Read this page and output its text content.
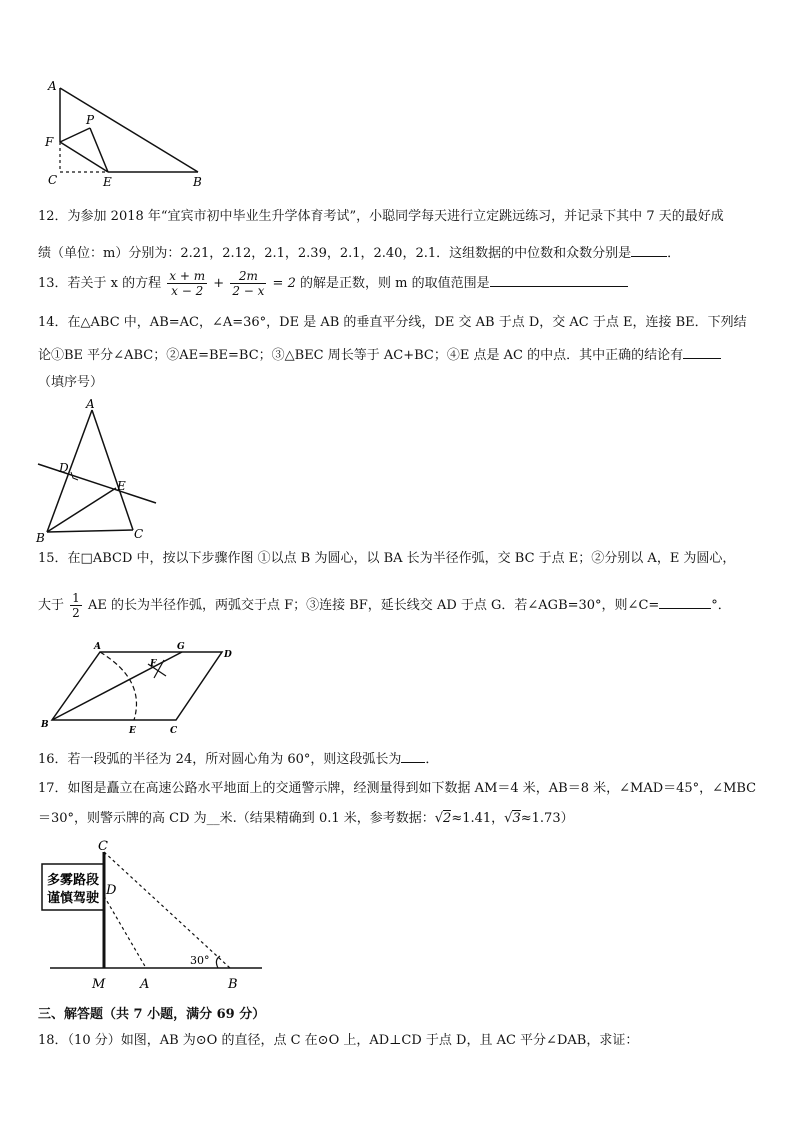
A
P
F
C	E	B
12．为参加 2018 年“宜宾市初中毕业生升学体育考试”，小聪同学每天进行立定跳远练习，并记录下其中 7 天的最好成
绩（单位：m）分别为：2.21，2.12，2.1，2.39，2.1，2.40，2.1．这组数据的中位数和众数分别是	．
13．若关于 x 的方程 $\frac{x + m}{x - 2} + \frac{2m}{2 - x} = 2$ 的解是正数，则 m 的取值范围是
14．在△ABC 中，AB=AC，∠A=36°，DE 是 AB 的垂直平分线，DE 交 AB 于点 D，交 AC 于点 E，连接 BE．下列结
论①BE 平分∠ABC；②AE=BE=BC；③△BEC 周长等于 AC+BC；④E 点是 AC 的中点．其中正确的结论有
（填序号）
A
D
E
B	C
15．在□ABCD 中，按以下步骤作图 ①以点 B 为圆心，以 BA 长为半径作弧，交 BC 于点 E；②分别以 A，E 为圆心，
大于 $\frac{1}{2}$ AE 的长为半径作弧，两弧交于点 F；③连接 BF，延长线交 AD 于点 G．若∠AGB=30°，则∠C=	°．
A	G
D
F
B
E	C
16．若一段弧的半径为 24，所对圆心角为 60°，则这段弧长为 ．
17．如图是矗立在高速公路水平地面上的交通警示牌，经测量得到如下数据 AM＝4 米，AB＝8 米，∠MAD＝45°，∠MBC
＝30°，则警示牌的高 CD 为__米.（结果精确到 0.1 米，参考数据：√2≈1.41，√3≈1.73）
多雾路段
谨慎驾驶
C
D
M	A	B
30°
三、解答题（共 7 小题，满分 69 分）
18．（10 分）如图，AB 为⊙O 的直径，点 C 在⊙O 上，AD⊥CD 于点 D，且 AC 平分∠DAB，求证：
